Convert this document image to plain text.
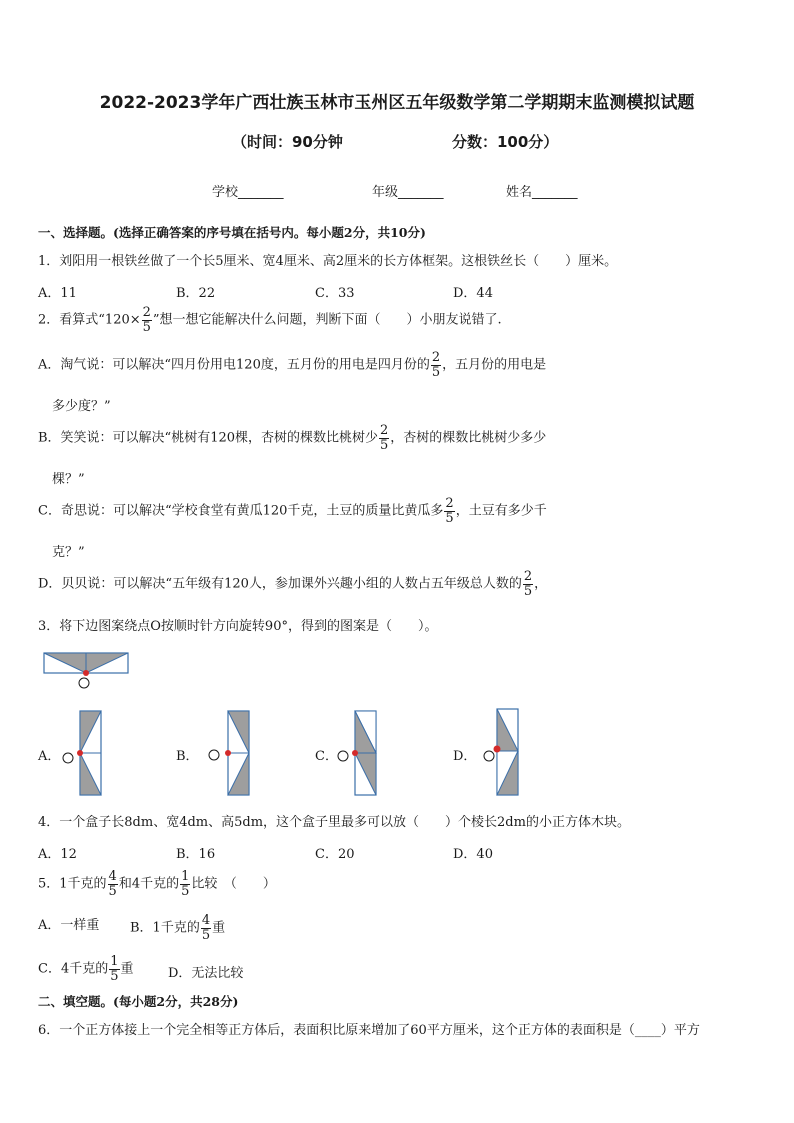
2022-2023学年广西壮族玉林市玉州区五年级数学第二学期期末监测模拟试题
（时间：90分钟	分数：100分）
学校_______	年级_______	姓名_______
一、选择题。(选择正确答案的序号填在括号内。每小题2分，共10分)
1．刘阳用一根铁丝做了一个长5厘米、宽4厘米、高2厘米的长方体框架。这根铁丝长（　　）厘米。
A．11	B．22	C．33	D．44
2．看算式“$120\times \frac{2}{5}$ ”想一想它能解决什么问题，判断下面（　　）小朋友说错了.
A．淘气说：可以解决“四月份用电120度，五月份的用电是四月份的 $\frac{2}{5}$ ，五月份的用电是
多少度？”
B．笑笑说：可以解决“桃树有120棵，杏树的棵数比桃树少 $\frac{2}{5}$ ，杏树的棵数比桃树少多少
棵？”
C．奇思说：可以解决“学校食堂有黄瓜120千克，土豆的质量比黄瓜多 $\frac{2}{5}$ ，土豆有多少千
克？”
D．贝贝说：可以解决“五年级有120人，参加课外兴趣小组的人数占五年级总人数的 $\frac{2}{5}$ ，
3．将下边图案绕点O按顺时针方向旋转90°，得到的图案是（　　）。
A．	B．	C．	D．
4．一个盒子长8dm、宽4dm、高5dm，这个盒子里最多可以放（　　）个棱长2dm的小正方体木块。
A．12	B．16	C．20	D．40
5．1千克的 $\frac{4}{5}$ 和4千克的 $\frac{1}{5}$ 比较　（　　）
A．一样重 B．1千克的 $\frac{4}{5}$ 重
C．4千克的 $\frac{1}{5}$ 重	D．无法比较
二、填空题。(每小题2分，共28分)
6．一个正方体接上一个完全相等正方体后，表面积比原来增加了60平方厘米，这个正方体的表面积是（____）平方
